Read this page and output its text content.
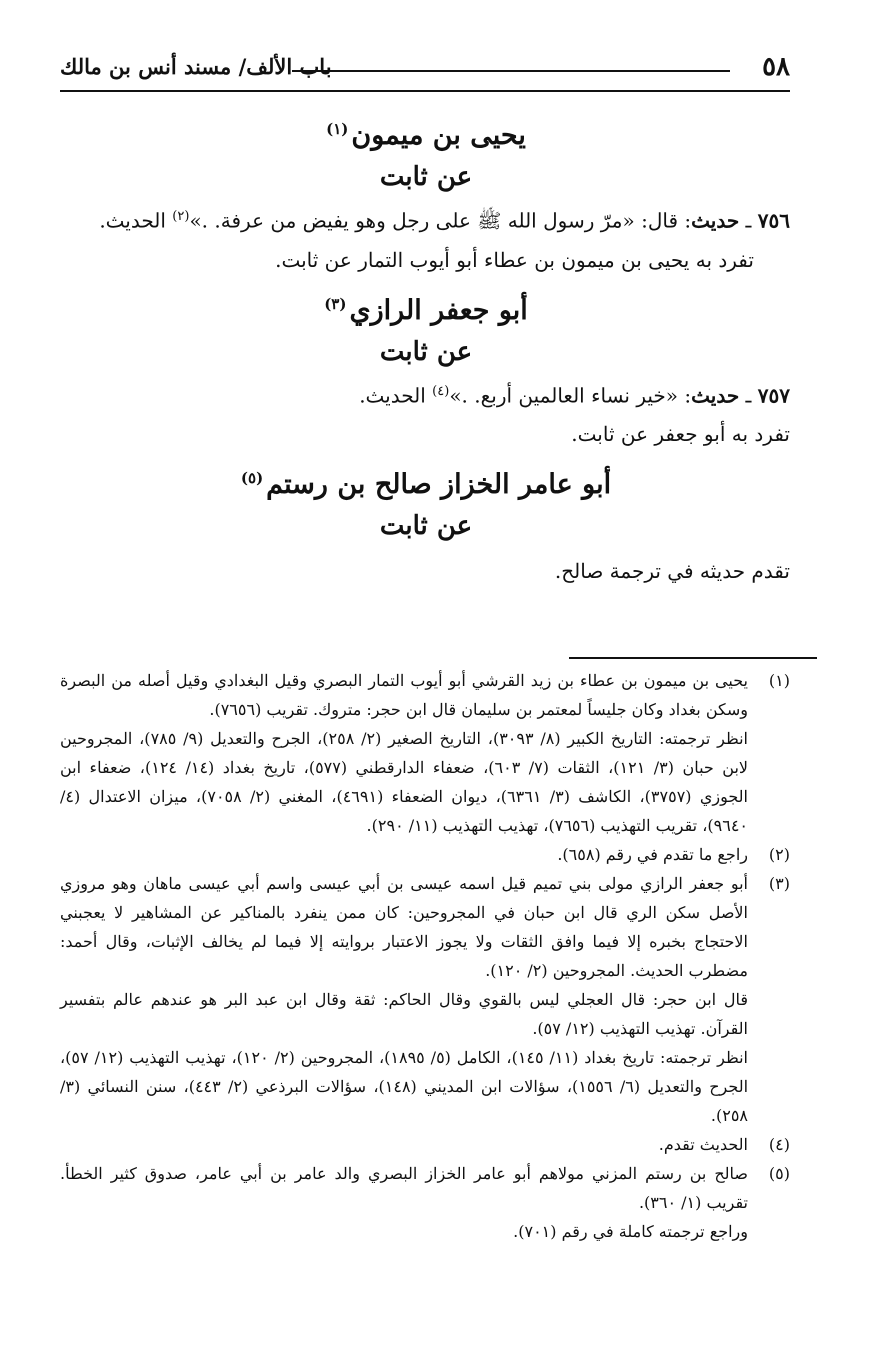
٥٨
باب الألف/ مسند أنس بن مالك

يحيى بن ميمون$^{(١)}$

عن ثابت

٧٥٦ ـ حديث: قال: «مرّ رسول الله ﷺ على رجل وهو يفيض من عرفة. .»$^{(٢)}$ الحديث.

تفرد به يحيى بن ميمون بن عطاء أبو أيوب التمار عن ثابت.

أبو جعفر الرازي$^{(٣)}$

عن ثابت

٧٥٧ ـ حديث: «خير نساء العالمين أربع. .»$^{(٤)}$ الحديث.

تفرد به أبو جعفر عن ثابت.

أبو عامر الخزاز صالح بن رستم$^{(٥)}$

عن ثابت

تقدم حديثه في ترجمة صالح.

(١)

يحيى بن ميمون بن عطاء بن زيد القرشي أبو أيوب التمار البصري وقيل البغدادي وقيل أصله من البصرة وسكن بغداد وكان جليساً لمعتمر بن سليمان قال ابن حجر: متروك. تقريب (٧٦٥٦).

انظر ترجمته: التاريخ الكبير (٨/ ٣٠٩٣)، التاريخ الصغير (٢/ ٢٥٨)، الجرح والتعديل (٩/ ٧٨٥)، المجروحين لابن حبان (٣/ ١٢١)، الثقات (٧/ ٦٠٣)، ضعفاء الدارقطني (٥٧٧)، تاريخ بغداد (١٤/ ١٢٤)، ضعفاء ابن الجوزي (٣٧٥٧)، الكاشف (٣/ ٦٣٦١)، ديوان الضعفاء (٤٦٩١)، المغني (٢/ ٧٠٥٨)، ميزان الاعتدال (٤/ ٩٦٤٠)، تقريب التهذيب (٧٦٥٦)، تهذيب التهذيب (١١/ ٢٩٠).

(٢)

راجع ما تقدم في رقم (٦٥٨).

(٣)

أبو جعفر الرازي مولى بني تميم قيل اسمه عيسى بن أبي عيسى واسم أبي عيسى ماهان وهو مروزي الأصل سكن الري قال ابن حبان في المجروحين: كان ممن ينفرد بالمناكير عن المشاهير لا يعجبني الاحتجاج بخبره إلا فيما وافق الثقات ولا يجوز الاعتبار بروايته إلا فيما لم يخالف الإثبات، وقال أحمد: مضطرب الحديث. المجروحين (٢/ ١٢٠).

قال ابن حجر: قال العجلي ليس بالقوي وقال الحاكم: ثقة وقال ابن عبد البر هو عندهم عالم بتفسير القرآن. تهذيب التهذيب (١٢/ ٥٧).

انظر ترجمته: تاريخ بغداد (١١/ ١٤٥)، الكامل (٥/ ١٨٩٥)، المجروحين (٢/ ١٢٠)، تهذيب التهذيب (١٢/ ٥٧)، الجرح والتعديل (٦/ ١٥٥٦)، سؤالات ابن المديني (١٤٨)، سؤالات البرذعي (٢/ ٤٤٣)، سنن النسائي (٣/ ٢٥٨).

(٤)

الحديث تقدم.

(٥)

صالح بن رستم المزني مولاهم أبو عامر الخزاز البصري والد عامر بن أبي عامر، صدوق كثير الخطأ. تقريب (١/ ٣٦٠).

وراجع ترجمته كاملة في رقم (٧٠١).
